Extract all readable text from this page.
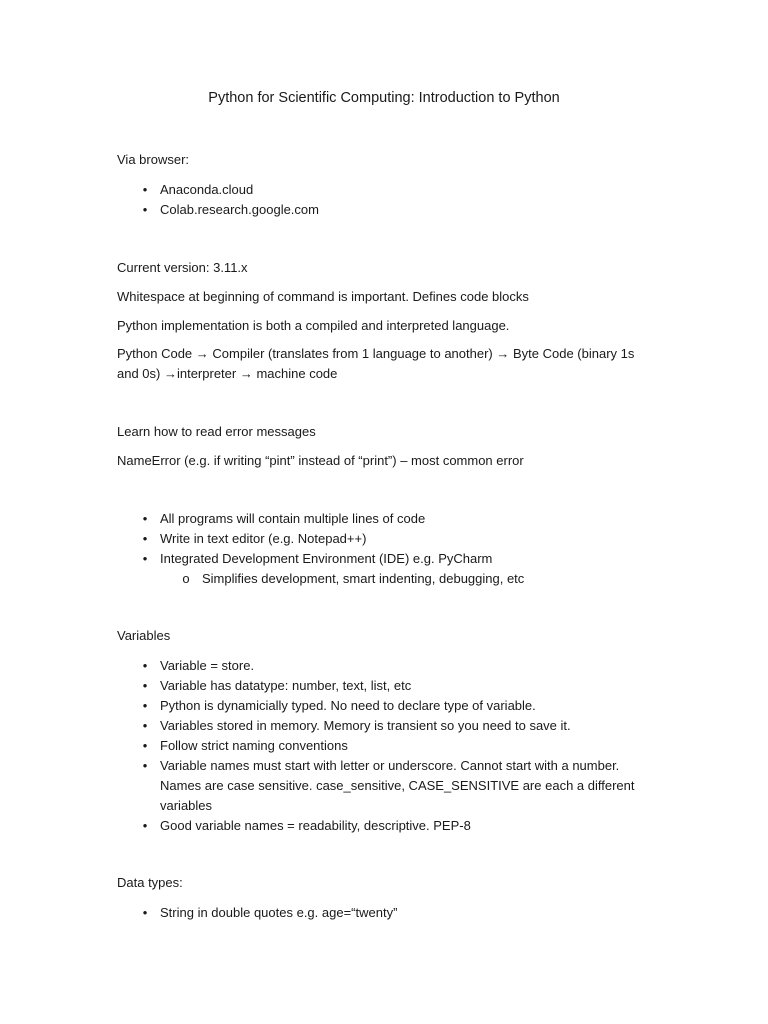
Python for Scientific Computing: Introduction to Python

Via browser:

• Anaconda.cloud
• Colab.research.google.com

Current version: 3.11.x

Whitespace at beginning of command is important. Defines code blocks

Python implementation is both a compiled and interpreted language.

Python Code → Compiler (translates from 1 language to another) → Byte Code (binary 1s and 0s) →interpreter → machine code

Learn how to read error messages

NameError (e.g. if writing “pint” instead of “print”) – most common error

• All programs will contain multiple lines of code
• Write in text editor (e.g. Notepad++)
• Integrated Development Environment (IDE) e.g. PyCharm
o Simplifies development, smart indenting, debugging, etc

Variables

• Variable = store.
• Variable has datatype: number, text, list, etc
• Python is dynamicially typed. No need to declare type of variable.
• Variables stored in memory. Memory is transient so you need to save it.
• Follow strict naming conventions
• Variable names must start with letter or underscore. Cannot start with a number. Names are case sensitive. case_sensitive, CASE_SENSITIVE are each a different variables
• Good variable names = readability, descriptive. PEP-8

Data types:

• String in double quotes e.g. age=“twenty”
